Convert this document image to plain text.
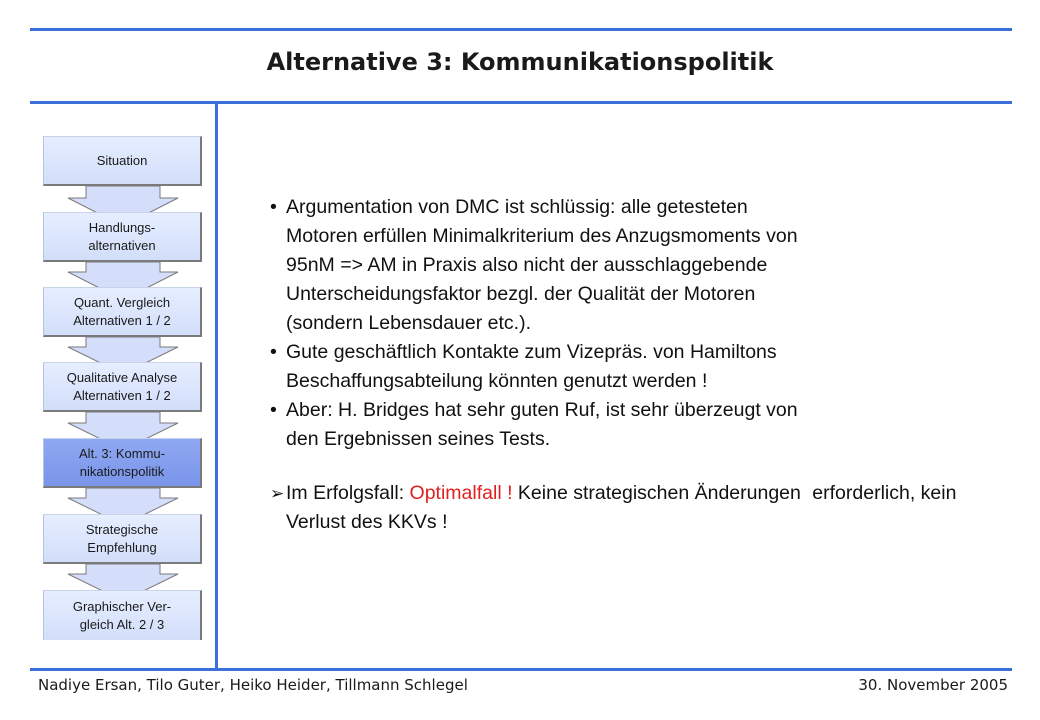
Alternative 3: Kommunikationspolitik
Situation
Handlungs-
alternativen
Quant. Vergleich
Alternativen 1 / 2
Qualitative Analyse
Alternativen 1 / 2
Alt. 3: Kommu-
nikationspolitik
Strategische
Empfehlung
Graphischer Ver-
gleich Alt. 2 / 3
• Argumentation von DMC ist schlüssig: alle getesteten
Motoren erfüllen Minimalkriterium des Anzugsmoments von
95nM => AM in Praxis also nicht der ausschlaggebende
Unterscheidungsfaktor bezgl. der Qualität der Motoren
(sondern Lebensdauer etc.).
• Gute geschäftlich Kontakte zum Vizepräs. von Hamiltons
Beschaffungsabteilung könnten genutzt werden !
• Aber: H. Bridges hat sehr guten Ruf, ist sehr überzeugt von
den Ergebnissen seines Tests.
➢ Im Erfolgsfall: Optimalfall ! Keine strategischen Änderungen erforderlich, kein Verlust des KKVs !
Nadiye Ersan, Tilo Guter, Heiko Heider, Tillmann Schlegel	30. November 2005
